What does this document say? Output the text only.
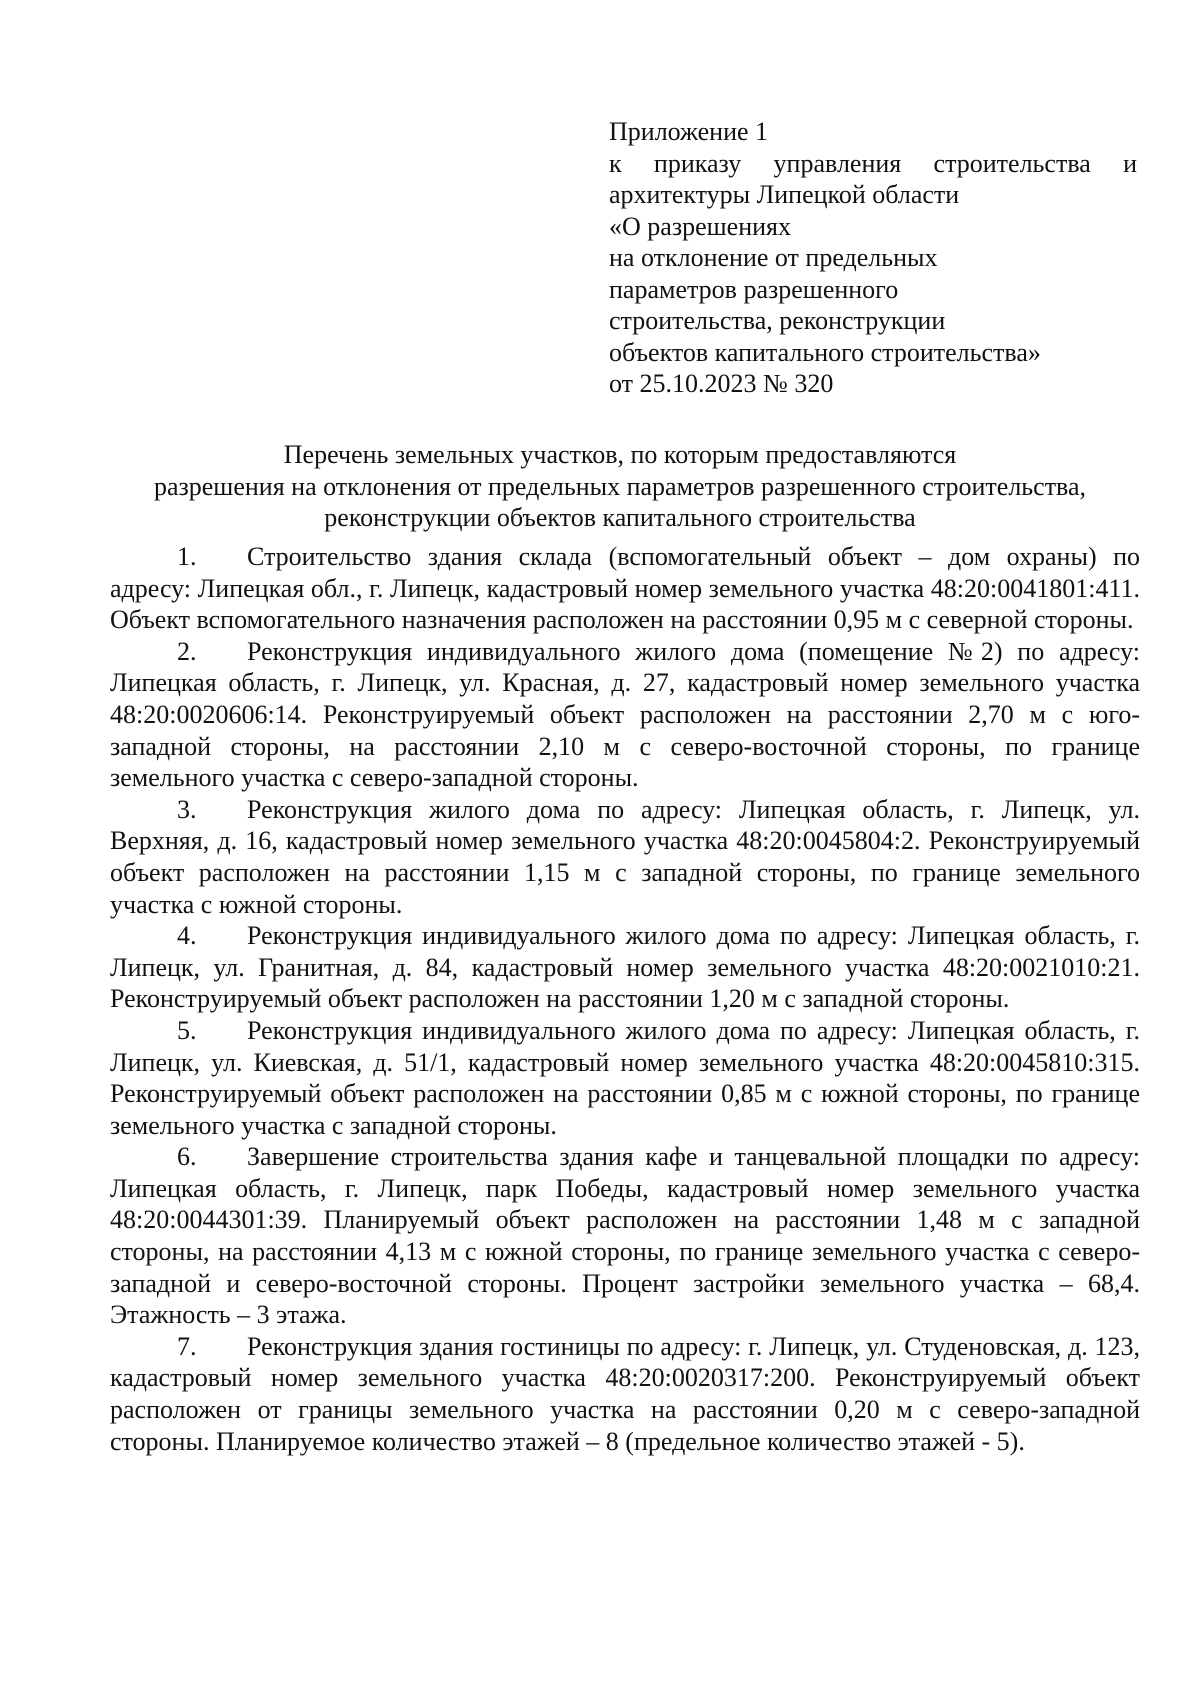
Приложение 1
к приказу управления строительства и
архитектуры Липецкой области
«О разрешениях
на отклонение от предельных
параметров разрешенного
строительства, реконструкции
объектов капитального строительства»
от 25.10.2023 № 320
Перечень земельных участков, по которым предоставляются
разрешения на отклонения от предельных параметров разрешенного строительства,
реконструкции объектов капитального строительства

1. Строительство здания склада (вспомогательный объект – дом охраны) по адресу: Липецкая обл., г. Липецк, кадастровый номер земельного участка 48:20:0041801:411. Объект вспомогательного назначения расположен на расстоянии 0,95 м с северной стороны.

2. Реконструкция индивидуального жилого дома (помещение №2) по адресу: Липецкая область, г. Липецк, ул. Красная, д. 27, кадастровый номер земельного участка 48:20:0020606:14. Реконструируемый объект расположен на расстоянии 2,70 м с юго-западной стороны, на расстоянии 2,10 м с северо-восточной стороны, по границе земельного участка с северо-западной стороны.

3. Реконструкция жилого дома по адресу: Липецкая область, г. Липецк, ул. Верхняя, д. 16, кадастровый номер земельного участка 48:20:0045804:2. Реконструируемый объект расположен на расстоянии 1,15 м с западной стороны, по границе земельного участка с южной стороны.

4. Реконструкция индивидуального жилого дома по адресу: Липецкая область, г. Липецк, ул. Гранитная, д. 84, кадастровый номер земельного участка 48:20:0021010:21. Реконструируемый объект расположен на расстоянии 1,20 м с западной стороны.

5. Реконструкция индивидуального жилого дома по адресу: Липецкая область, г. Липецк, ул. Киевская, д. 51/1, кадастровый номер земельного участка 48:20:0045810:315. Реконструируемый объект расположен на расстоянии 0,85 м с южной стороны, по границе земельного участка с западной стороны.

6. Завершение строительства здания кафе и танцевальной площадки по адресу: Липецкая область, г. Липецк, парк Победы, кадастровый номер земельного участка 48:20:0044301:39. Планируемый объект расположен на расстоянии 1,48 м с западной стороны, на расстоянии 4,13 м с южной стороны, по границе земельного участка с северо-западной и северо-восточной стороны. Процент застройки земельного участка – 68,4. Этажность – 3 этажа.

7. Реконструкция здания гостиницы по адресу: г. Липецк, ул. Студеновская, д. 123, кадастровый номер земельного участка 48:20:0020317:200. Реконструируемый объект расположен от границы земельного участка на расстоянии 0,20 м с северо-западной стороны. Планируемое количество этажей – 8 (предельное количество этажей - 5).
